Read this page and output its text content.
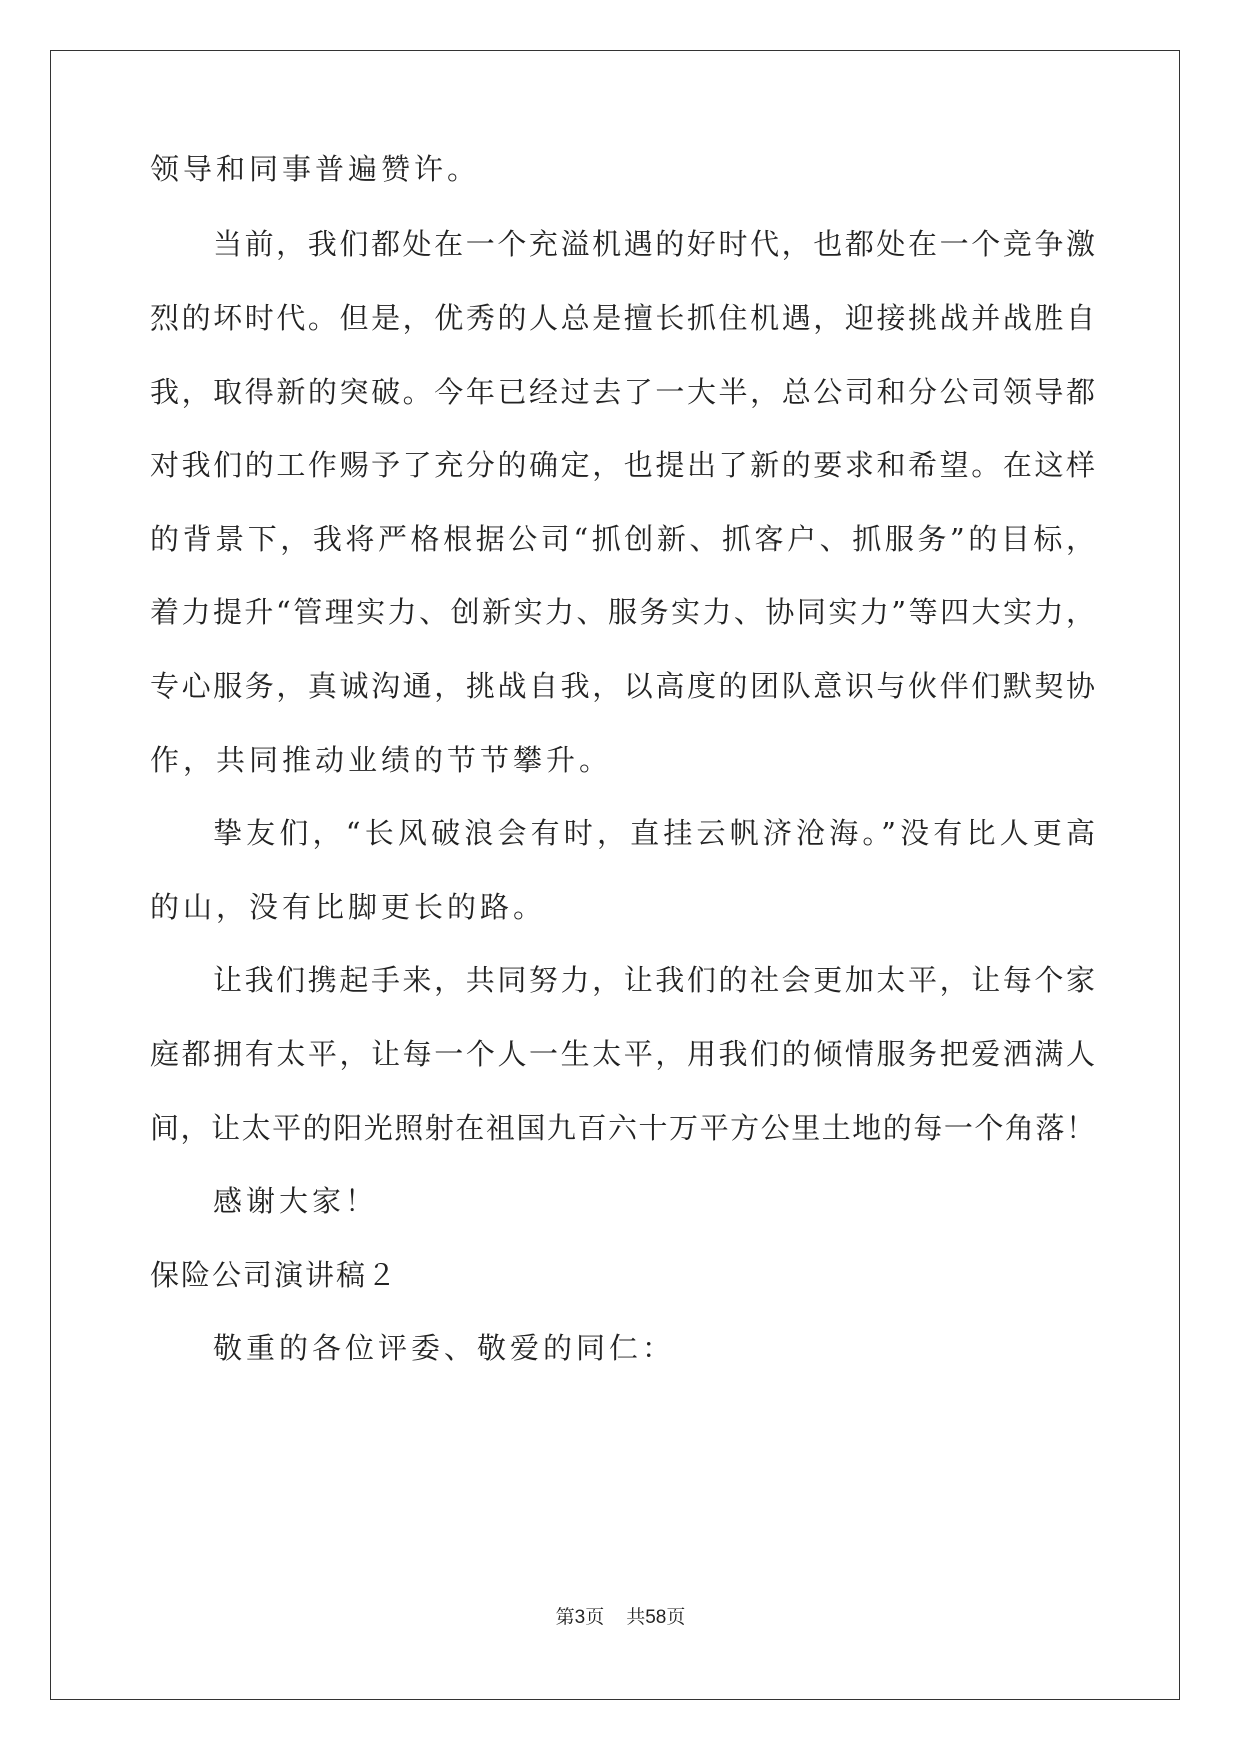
领导和同事普遍赞许。
当前，我们都处在一个充溢机遇的好时代，也都处在一个竞争激
烈的坏时代。但是，优秀的人总是擅长抓住机遇，迎接挑战并战胜自
我，取得新的突破。今年已经过去了一大半，总公司和分公司领导都
对我们的工作赐予了充分的确定，也提出了新的要求和希望。在这样
的背景下，我将严格根据公司“抓创新、抓客户、抓服务”的目标，
着力提升“管理实力、创新实力、服务实力、协同实力”等四大实力，
专心服务，真诚沟通，挑战自我，以高度的团队意识与伙伴们默契协
作，共同推动业绩的节节攀升。
挚友们，“长风破浪会有时，直挂云帆济沧海。”没有比人更高
的山，没有比脚更长的路。
让我们携起手来，共同努力，让我们的社会更加太平，让每个家
庭都拥有太平，让每一个人一生太平，用我们的倾情服务把爱洒满人
间，让太平的阳光照射在祖国九百六十万平方公里土地的每一个角落！
感谢大家！
保险公司演讲稿２
敬重的各位评委、敬爱的同仁：
第3页 共58页
